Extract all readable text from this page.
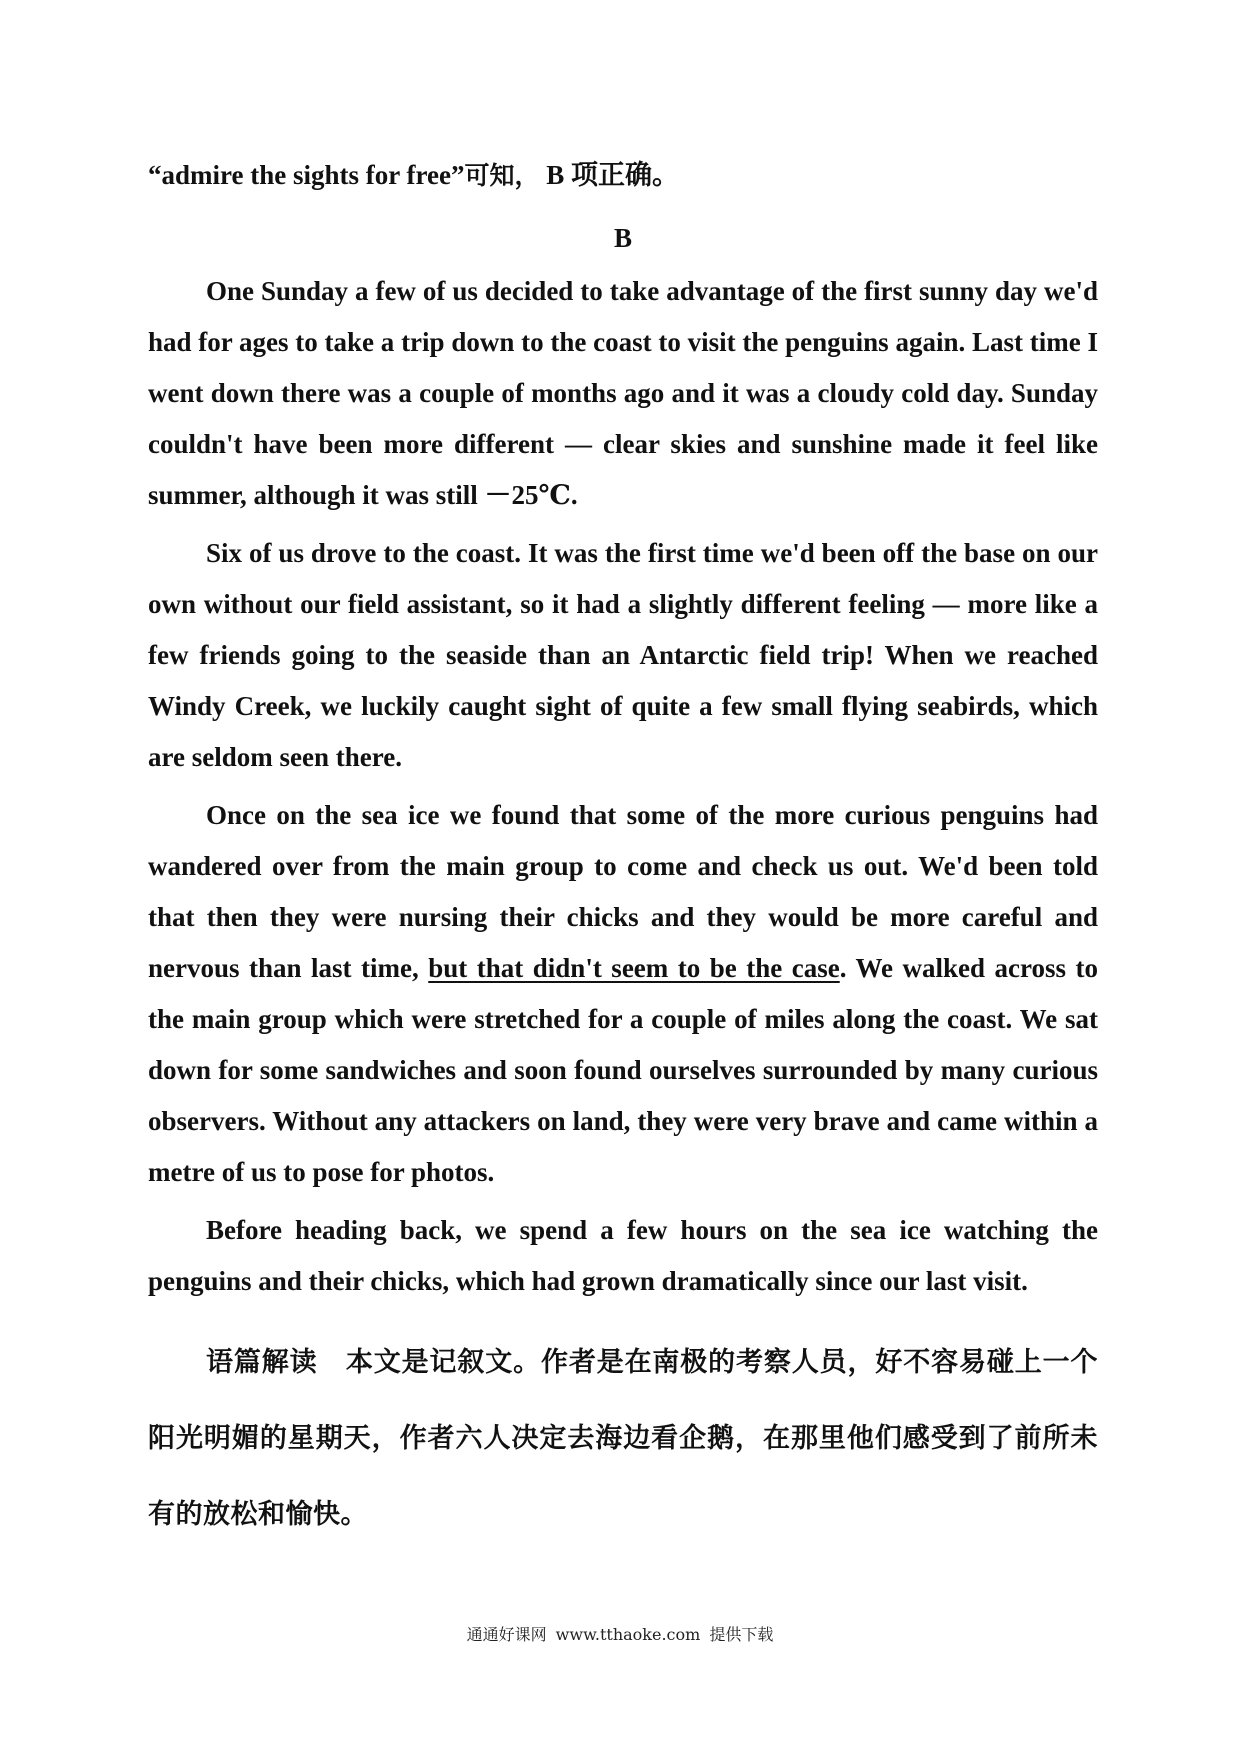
“admire the sights for free”可知， B 项正确。

B

One Sunday a few of us decided to take advantage of the first sunny day we'd had for ages to take a trip down to the coast to visit the penguins again. Last time I went down there was a couple of months ago and it was a cloudy cold day. Sunday couldn't have been more different — clear skies and sunshine made it feel like summer, although it was still －25℃.

Six of us drove to the coast. It was the first time we'd been off the base on our own without our field assistant, so it had a slightly different feeling — more like a few friends going to the seaside than an Antarctic field trip! When we reached Windy Creek, we luckily caught sight of quite a few small flying seabirds, which are seldom seen there.

Once on the sea ice we found that some of the more curious penguins had wandered over from the main group to come and check us out. We'd been told that then they were nursing their chicks and they would be more careful and nervous than last time, but that didn't seem to be the case. We walked across to the main group which were stretched for a couple of miles along the coast. We sat down for some sandwiches and soon found ourselves surrounded by many curious observers. Without any attackers on land, they were very brave and came within a metre of us to pose for photos.

Before heading back, we spend a few hours on the sea ice watching the penguins and their chicks, which had grown dramatically since our last visit.

语篇解读 本文是记叙文。作者是在南极的考察人员，好不容易碰上一个阳光明媚的星期天，作者六人决定去海边看企鹅，在那里他们感受到了前所未有的放松和愉快。
通通好课网 www.tthaoke.com 提供下载
